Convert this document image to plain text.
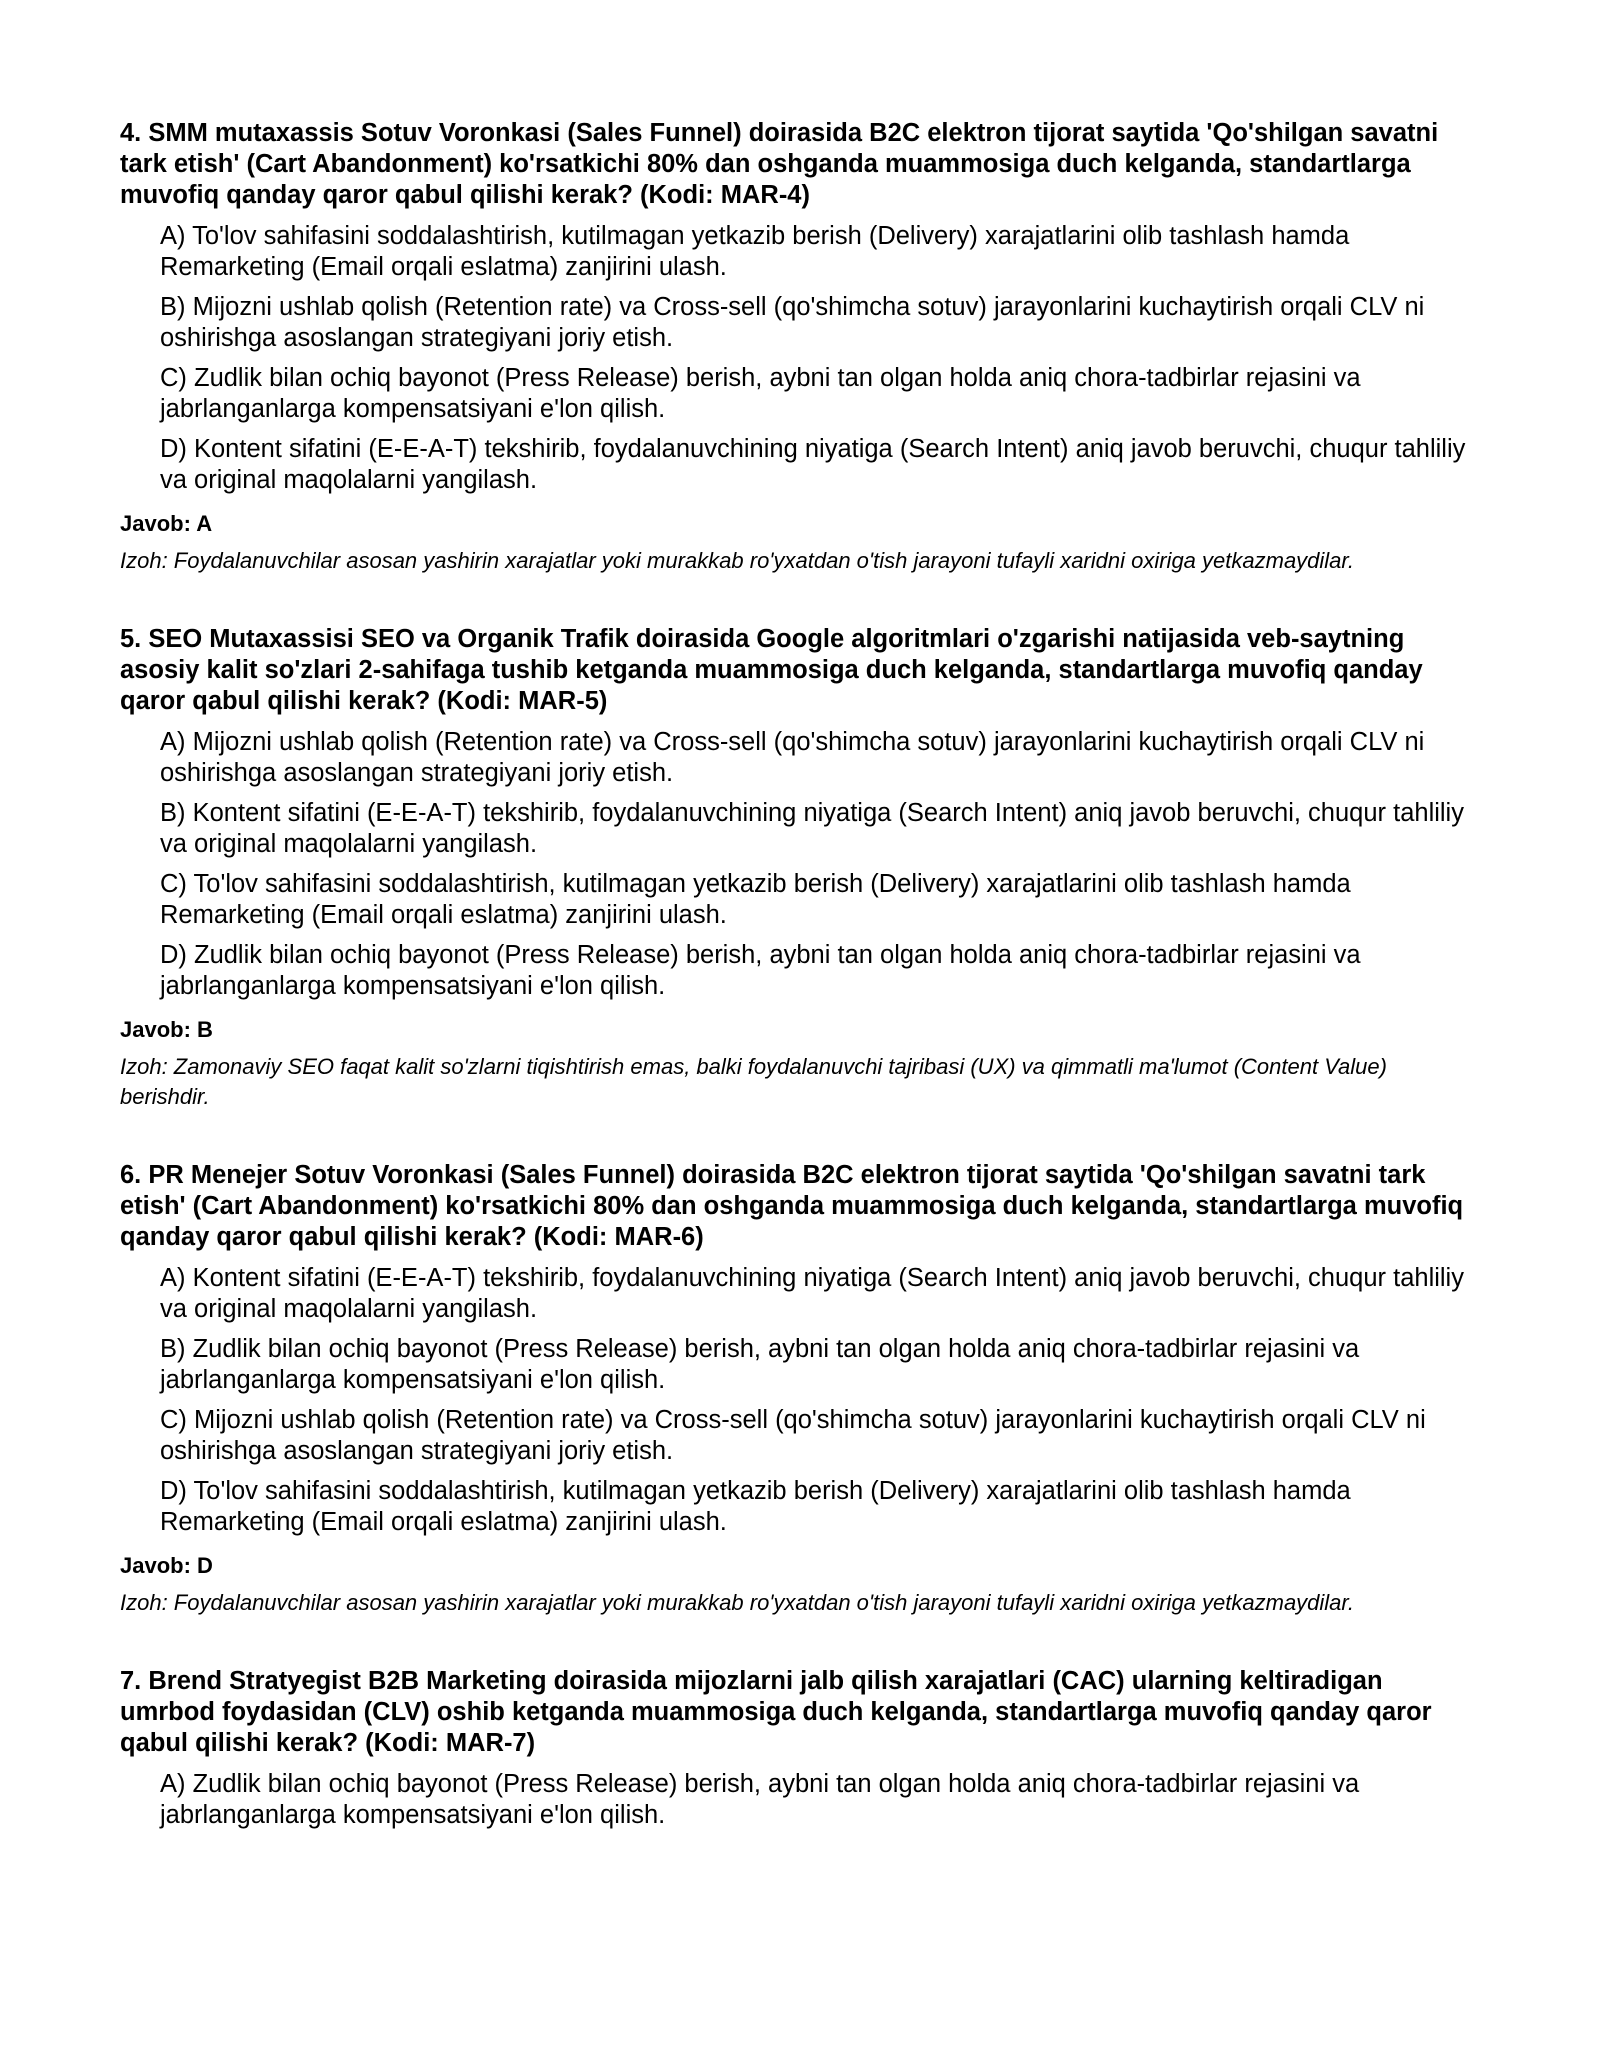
4. SMM mutaxassis Sotuv Voronkasi (Sales Funnel) doirasida B2C elektron tijorat saytida 'Qo'shilgan savatni tark etish' (Cart Abandonment) ko'rsatkichi 80% dan oshganda muammosiga duch kelganda, standartlarga muvofiq qanday qaror qabul qilishi kerak? (Kodi: MAR-4)

A) To'lov sahifasini soddalashtirish, kutilmagan yetkazib berish (Delivery) xarajatlarini olib tashlash hamda Remarketing (Email orqali eslatma) zanjirini ulash.
B) Mijozni ushlab qolish (Retention rate) va Cross-sell (qo'shimcha sotuv) jarayonlarini kuchaytirish orqali CLV ni oshirishga asoslangan strategiyani joriy etish.
C) Zudlik bilan ochiq bayonot (Press Release) berish, aybni tan olgan holda aniq chora-tadbirlar rejasini va jabrlanganlarga kompensatsiyani e'lon qilish.
D) Kontent sifatini (E-E-A-T) tekshirib, foydalanuvchining niyatiga (Search Intent) aniq javob beruvchi, chuqur tahliliy va original maqolalarni yangilash.

Javob: A

Izoh: Foydalanuvchilar asosan yashirin xarajatlar yoki murakkab ro'yxatdan o'tish jarayoni tufayli xaridni oxiriga yetkazmaydilar.

5. SEO Mutaxassisi SEO va Organik Trafik doirasida Google algoritmlari o'zgarishi natijasida veb-saytning asosiy kalit so'zlari 2-sahifaga tushib ketganda muammosiga duch kelganda, standartlarga muvofiq qanday qaror qabul qilishi kerak? (Kodi: MAR-5)

A) Mijozni ushlab qolish (Retention rate) va Cross-sell (qo'shimcha sotuv) jarayonlarini kuchaytirish orqali CLV ni oshirishga asoslangan strategiyani joriy etish.
B) Kontent sifatini (E-E-A-T) tekshirib, foydalanuvchining niyatiga (Search Intent) aniq javob beruvchi, chuqur tahliliy va original maqolalarni yangilash.
C) To'lov sahifasini soddalashtirish, kutilmagan yetkazib berish (Delivery) xarajatlarini olib tashlash hamda Remarketing (Email orqali eslatma) zanjirini ulash.
D) Zudlik bilan ochiq bayonot (Press Release) berish, aybni tan olgan holda aniq chora-tadbirlar rejasini va jabrlanganlarga kompensatsiyani e'lon qilish.

Javob: B

Izoh: Zamonaviy SEO faqat kalit so'zlarni tiqishtirish emas, balki foydalanuvchi tajribasi (UX) va qimmatli ma'lumot (Content Value) berishdir.

6. PR Menejer Sotuv Voronkasi (Sales Funnel) doirasida B2C elektron tijorat saytida 'Qo'shilgan savatni tark etish' (Cart Abandonment) ko'rsatkichi 80% dan oshganda muammosiga duch kelganda, standartlarga muvofiq qanday qaror qabul qilishi kerak? (Kodi: MAR-6)

A) Kontent sifatini (E-E-A-T) tekshirib, foydalanuvchining niyatiga (Search Intent) aniq javob beruvchi, chuqur tahliliy va original maqolalarni yangilash.
B) Zudlik bilan ochiq bayonot (Press Release) berish, aybni tan olgan holda aniq chora-tadbirlar rejasini va jabrlanganlarga kompensatsiyani e'lon qilish.
C) Mijozni ushlab qolish (Retention rate) va Cross-sell (qo'shimcha sotuv) jarayonlarini kuchaytirish orqali CLV ni oshirishga asoslangan strategiyani joriy etish.
D) To'lov sahifasini soddalashtirish, kutilmagan yetkazib berish (Delivery) xarajatlarini olib tashlash hamda Remarketing (Email orqali eslatma) zanjirini ulash.

Javob: D

Izoh: Foydalanuvchilar asosan yashirin xarajatlar yoki murakkab ro'yxatdan o'tish jarayoni tufayli xaridni oxiriga yetkazmaydilar.

7. Brend Stratyegist B2B Marketing doirasida mijozlarni jalb qilish xarajatlari (CAC) ularning keltiradigan umrbod foydasidan (CLV) oshib ketganda muammosiga duch kelganda, standartlarga muvofiq qanday qaror qabul qilishi kerak? (Kodi: MAR-7)

A) Zudlik bilan ochiq bayonot (Press Release) berish, aybni tan olgan holda aniq chora-tadbirlar rejasini va jabrlanganlarga kompensatsiyani e'lon qilish.
